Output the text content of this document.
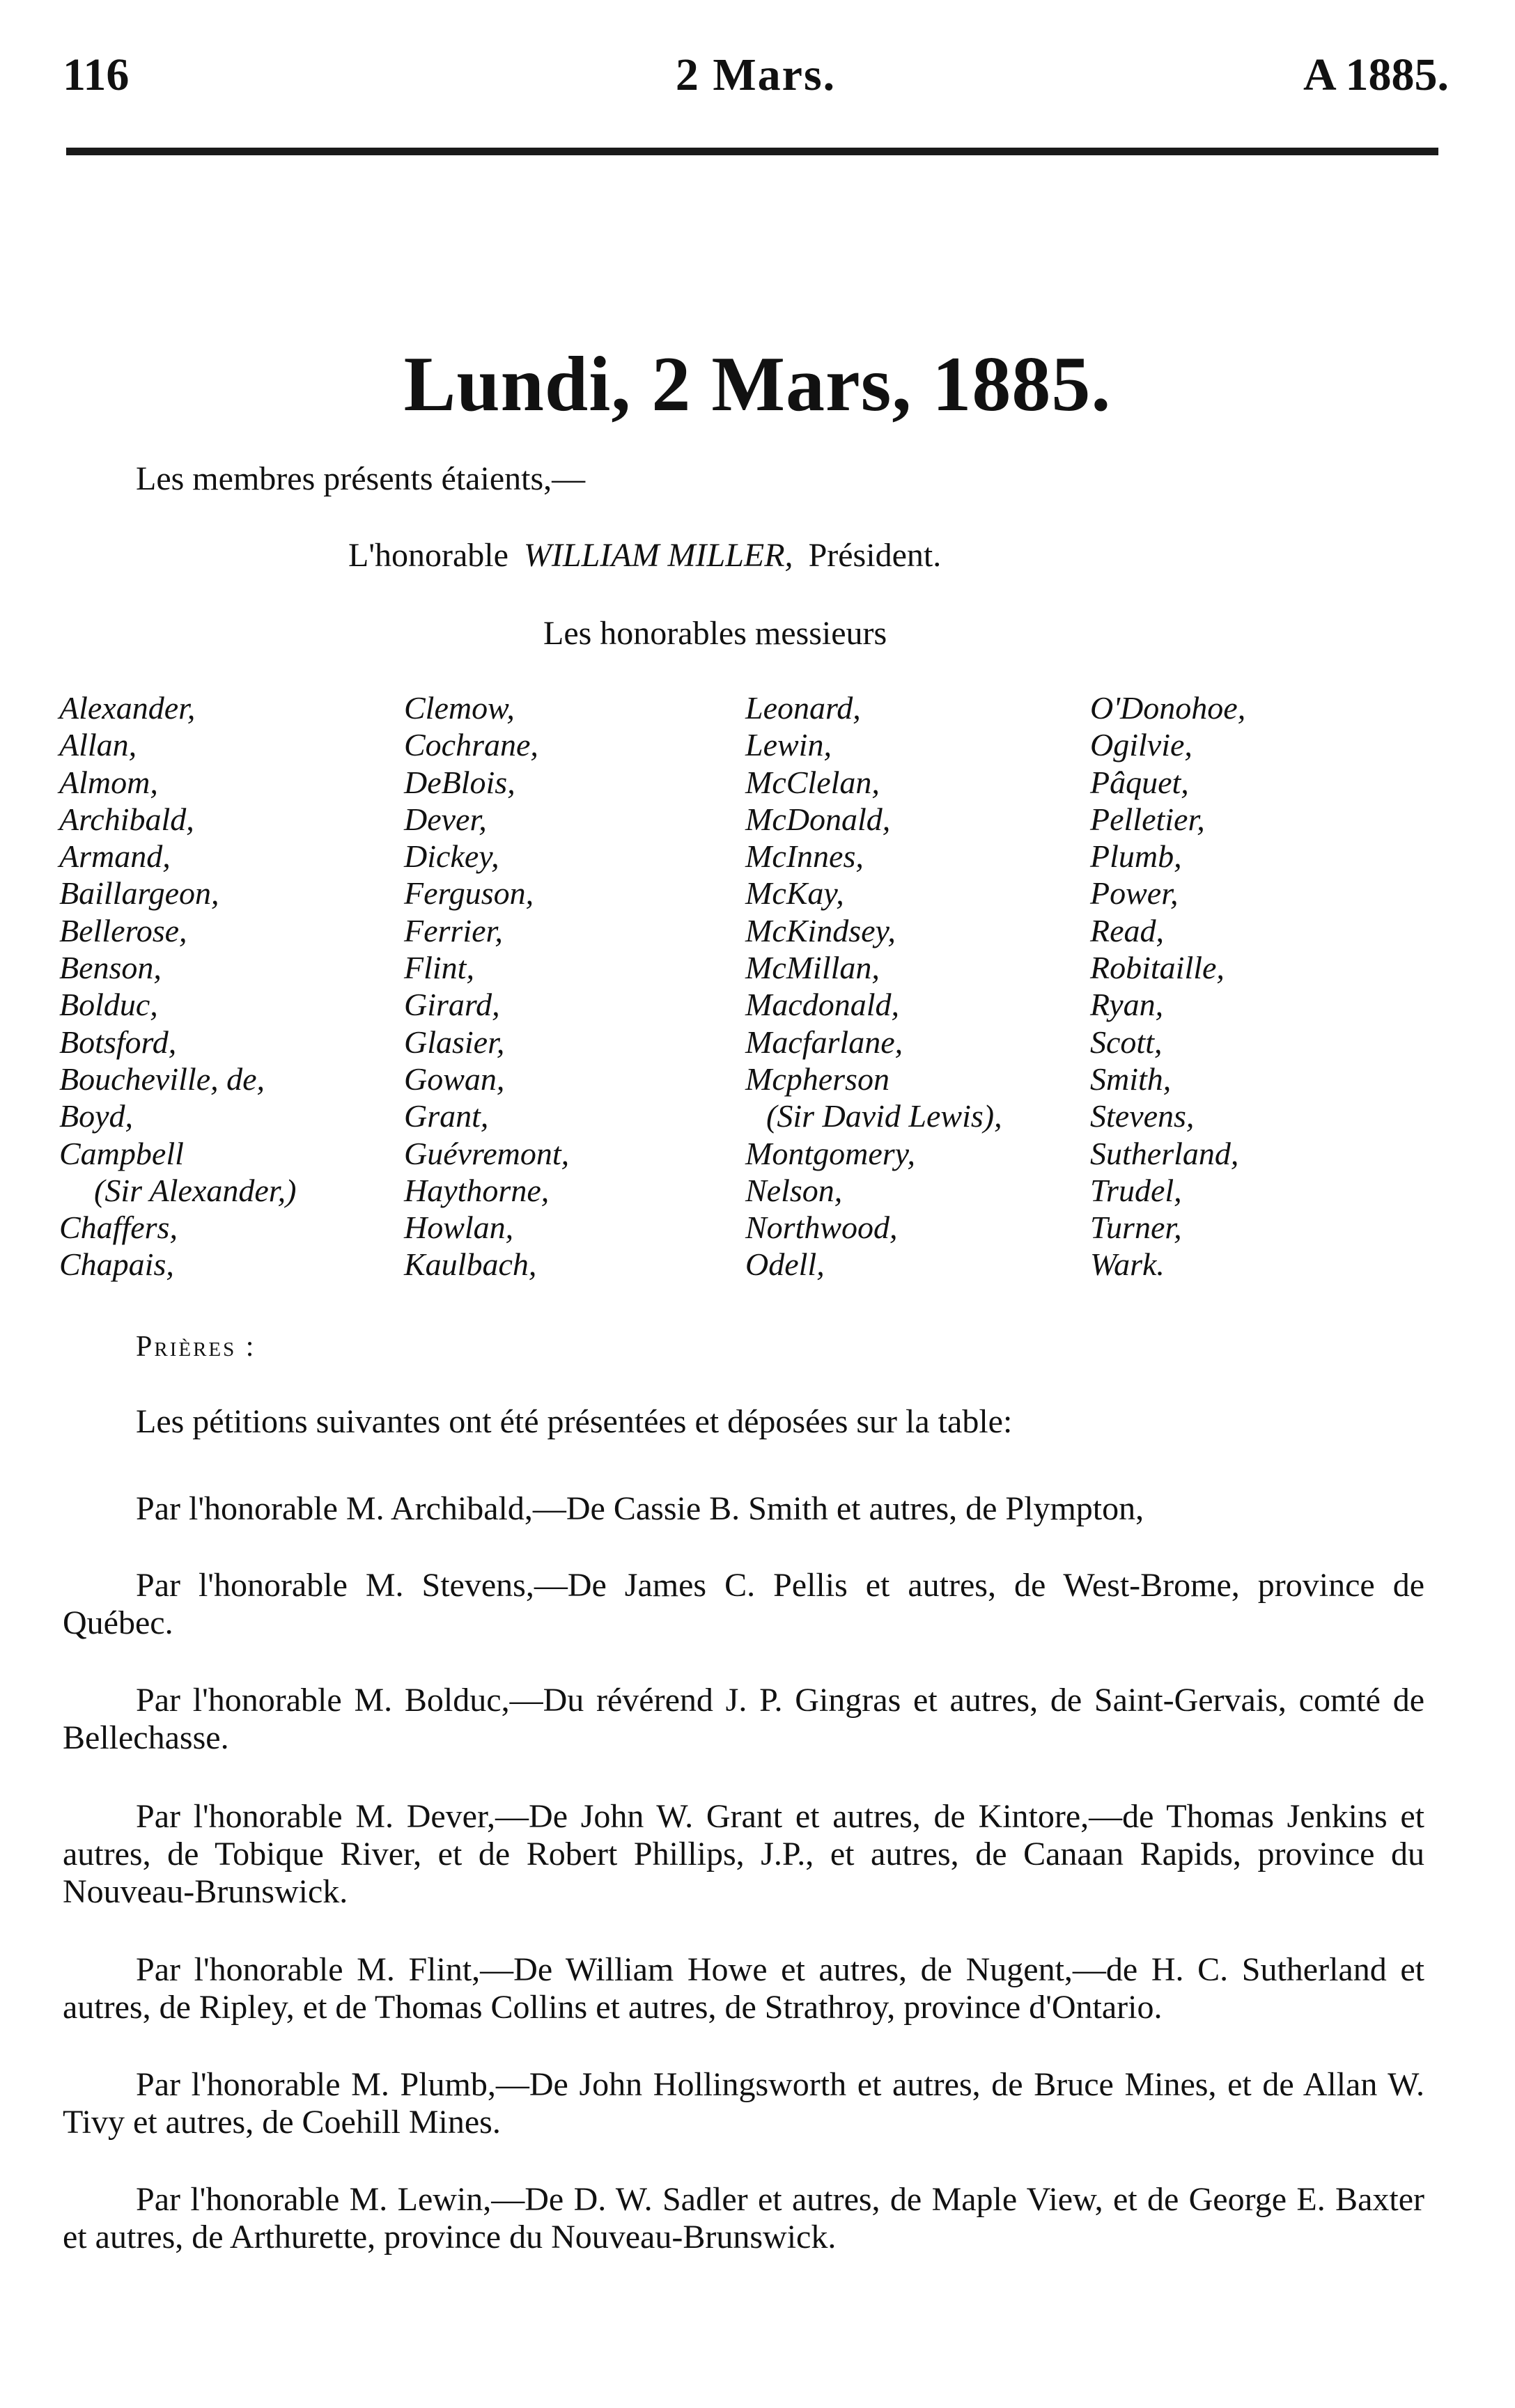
116	2 Mars.	A 1885.
Lundi, 2 Mars, 1885.
Les membres présents étaients,—
L'honorable WILLIAM MILLER, Président.
Les honorables messieurs
Alexander,
Allan,
Almom,
Archibald,
Armand,
Baillargeon,
Bellerose,
Benson,
Bolduc,
Botsford,
Boucheville, de,
Boyd,
Campbell
(Sir Alexander,)
Chaffers,
Chapais,
Clemow,
Cochrane,
DeBlois,
Dever,
Dickey,
Ferguson,
Ferrier,
Flint,
Girard,
Glasier,
Gowan,
Grant,
Guévremont,
Haythorne,
Howlan,
Kaulbach,
Leonard,
Lewin,
McClelan,
McDonald,
McInnes,
McKay,
McKindsey,
McMillan,
Macdonald,
Macfarlane,
Mcpherson
(Sir David Lewis),
Montgomery,
Nelson,
Northwood,
Odell,
O'Donohoe,
Ogilvie,
Pâquet,
Pelletier,
Plumb,
Power,
Read,
Robitaille,
Ryan,
Scott,
Smith,
Stevens,
Sutherland,
Trudel,
Turner,
Wark.
Prières :

Les pétitions suivantes ont été présentées et déposées sur la table:

Par l'honorable M. Archibald,—De Cassie B. Smith et autres, de Plympton,

Par l'honorable M. Stevens,—De James C. Pellis et autres, de West-Brome, province de Québec.

Par l'honorable M. Bolduc,—Du révérend J. P. Gingras et autres, de Saint-Gervais, comté de Bellechasse.

Par l'honorable M. Dever,—De John W. Grant et autres, de Kintore,—de Thomas Jenkins et autres, de Tobique River, et de Robert Phillips, J.P., et autres, de Canaan Rapids, province du Nouveau-Brunswick.

Par l'honorable M. Flint,—De William Howe et autres, de Nugent,—de H. C. Sutherland et autres, de Ripley, et de Thomas Collins et autres, de Strathroy, province d'Ontario.

Par l'honorable M. Plumb,—De John Hollingsworth et autres, de Bruce Mines, et de Allan W. Tivy et autres, de Coehill Mines.

Par l'honorable M. Lewin,—De D. W. Sadler et autres, de Maple View, et de George E. Baxter et autres, de Arthurette, province du Nouveau-Brunswick.
